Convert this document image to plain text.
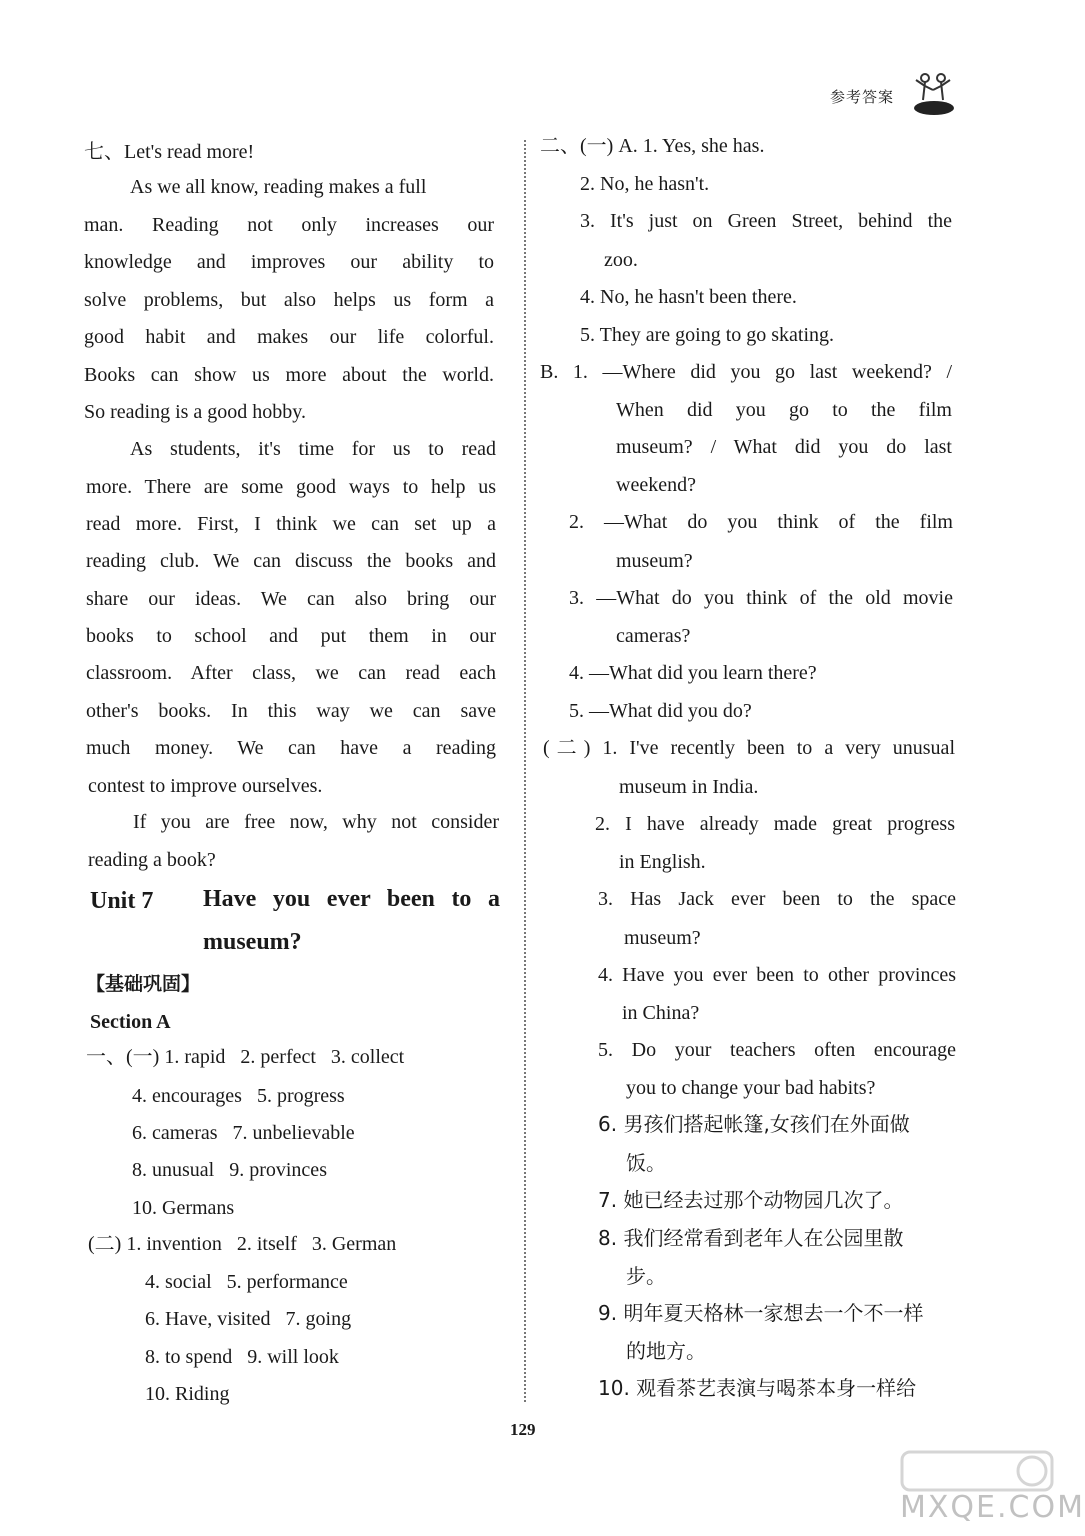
参考答案
七、Let's read more!
As we all know, reading makes a full
man. Reading not only increases our
knowledge and improves our ability to
solve problems, but also helps us form a
good habit and makes our life colorful.
Books can show us more about the world.
So reading is a good hobby.
As students, it's time for us to read
more. There are some good ways to help us
read more. First, I think we can set up a
reading club. We can discuss the books and
share our ideas. We can also bring our
books to school and put them in our
classroom. After class, we can read each
other's books. In this way we can save
much money. We can have a reading
contest to improve ourselves.
If you are free now, why not consider
reading a book?
Unit 7 Have you ever been to a
museum?
【基础巩固】
Section A
一、(一) 1. rapid   2. perfect   3. collect
4. encourages   5. progress
6. cameras   7. unbelievable
8. unusual   9. provinces
10. Germans
(二) 1. invention   2. itself   3. German
4. social   5. performance
6. Have, visited   7. going
8. to spend   9. will look
10. Riding
二、(一) A. 1. Yes, she has.
2. No, he hasn't.
3. It's just on Green Street, behind the
zoo.
4. No, he hasn't been there.
5. They are going to go skating.
B. 1. —Where did you go last weekend? /
When did you go to the film
museum? / What did you do last
weekend?
2. —What do you think of the film
museum?
3. —What do you think of the old movie
cameras?
4. —What did you learn there?
5. —What did you do?
(二) 1. I've recently been to a very unusual
museum in India.
2. I have already made great progress
in English.
3. Has Jack ever been to the space
museum?
4. Have you ever been to other provinces
in China?
5. Do your teachers often encourage
you to change your bad habits?
6. 男孩们搭起帐篷,女孩们在外面做
饭。
7. 她已经去过那个动物园几次了。
8. 我们经常看到老年人在公园里散
步。
9. 明年夏天格林一家想去一个不一样
的地方。
10. 观看茶艺表演与喝茶本身一样给
129
MXQE.COM
